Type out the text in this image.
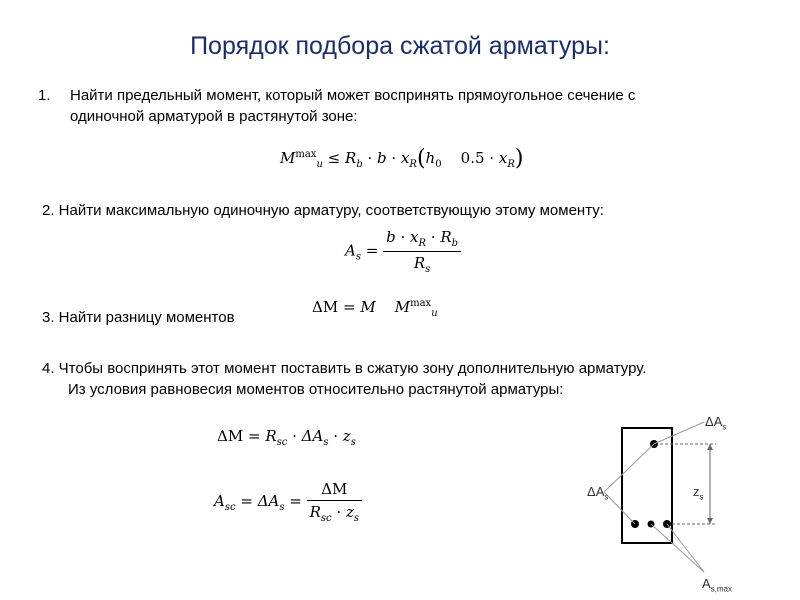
Порядок подбора сжатой арматуры:
1. Найти предельный момент, который может воспринять прямоугольное сечение с
одиночной арматурой в растянутой зоне:
$M^{max}_u \le R_b \cdot b \cdot x_R(h_0$ $0.5 \cdot x_R$)
2. Найти максимальную одиночную арматуру, соответствующую этому моменту:
$A_s = \frac{b \cdot x_R \cdot R_b}{R_s}$
3. Найти разницу моментов
ΔM = M $M^{max}_u$
4. Чтобы воспринять этот момент поставить в сжатую зону дополнительную арматуру.
Из условия равновесия моментов относительно растянутой арматуры:
$\Delta M = R_{sc} \cdot \Delta A_s \cdot z_s$
$A_{sc} = \Delta A_s = \frac{\Delta M}{R_{sc} \cdot z_s}$
$\Delta A_s$
$\Delta A_s$	$z_s$
$A_{s,max}$
